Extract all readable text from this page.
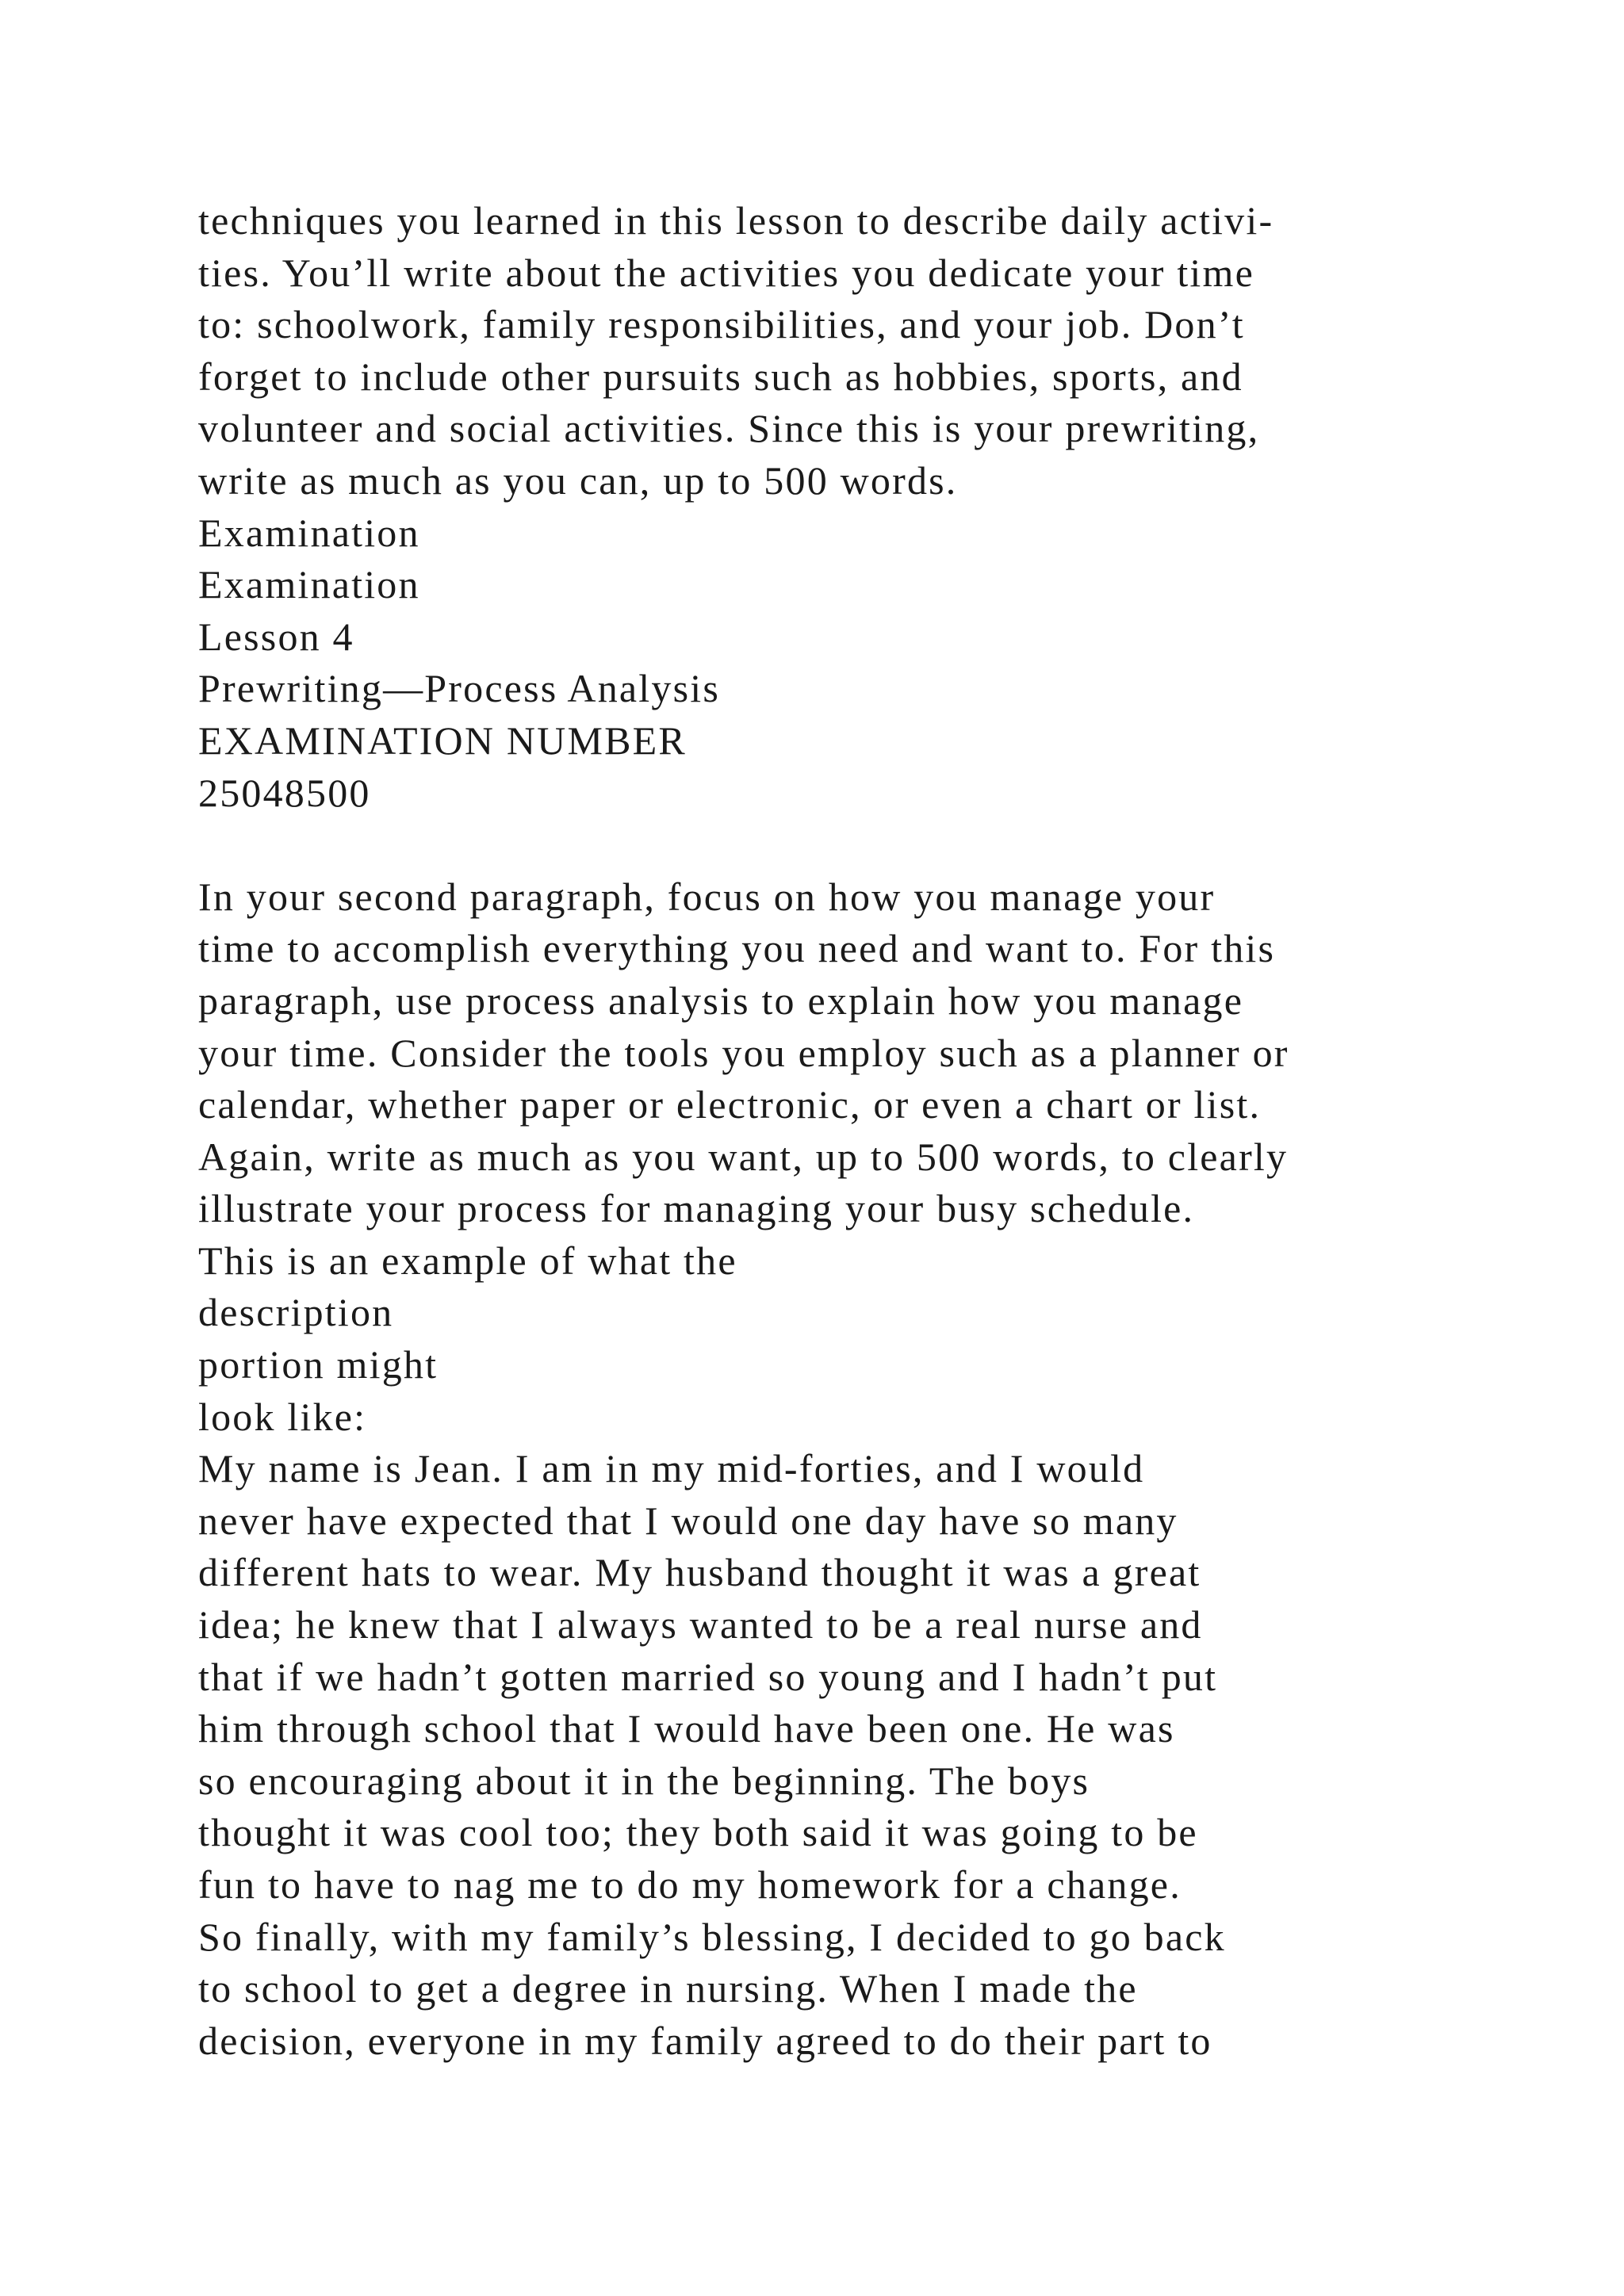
techniques you learned in this lesson to describe daily activi-
ties. You’ll write about the activities you dedicate your time
to: schoolwork, family responsibilities, and your job. Don’t
forget to include other pursuits such as hobbies, sports, and
volunteer and social activities. Since this is your prewriting,
write as much as you can, up to 500 words.
Examination
Examination
Lesson 4
Prewriting—Process Analysis
EXAMINATION NUMBER
25048500
In your second paragraph, focus on how you manage your
time to accomplish everything you need and want to. For this
paragraph, use process analysis to explain how you manage
your time. Consider the tools you employ such as a planner or
calendar, whether paper or electronic, or even a chart or list.
Again, write as much as you want, up to 500 words, to clearly
illustrate your process for managing your busy schedule.
This is an example of what the
description
portion might
look like:
My name is Jean. I am in my mid-forties, and I would
never have expected that I would one day have so many
different hats to wear. My husband thought it was a great
idea; he knew that I always wanted to be a real nurse and
that if we hadn’t gotten married so young and I hadn’t put
him through school that I would have been one. He was
so encouraging about it in the beginning. The boys
thought it was cool too; they both said it was going to be
fun to have to nag me to do my homework for a change.
So finally, with my family’s blessing, I decided to go back
to school to get a degree in nursing. When I made the
decision, everyone in my family agreed to do their part to
